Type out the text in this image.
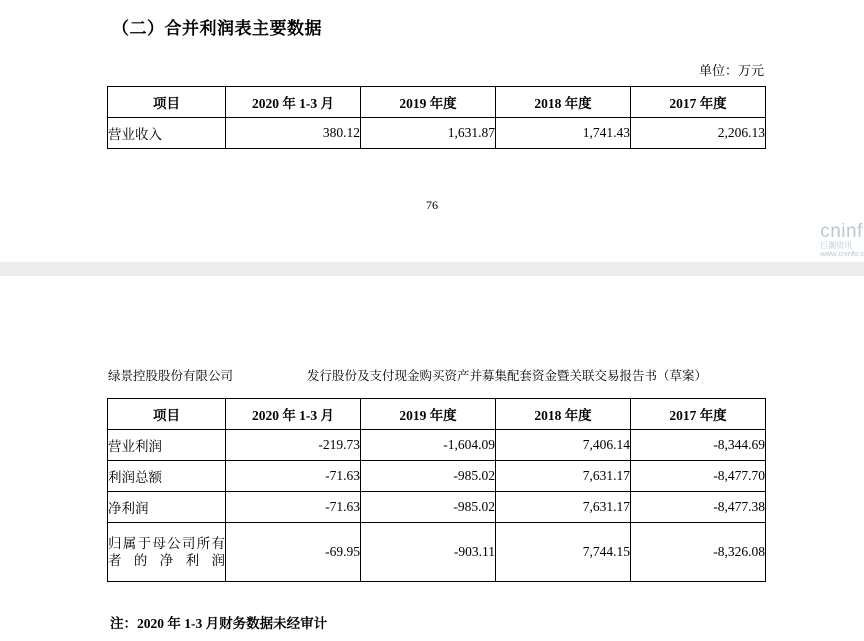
（二）合并利润表主要数据
单位：万元
项目	2020 年 1-3 月	2019 年度	2018 年度	2017 年度
营业收入	380.12	1,631.87	1,741.43	2,206.13
76
cninf
巨潮资讯
www.cninfo.c
绿景控股股份有限公司	发行股份及支付现金购买资产并募集配套资金暨关联交易报告书（草案）
项目	2020 年 1-3 月	2019 年度	2018 年度	2017 年度
营业利润	-219.73	-1,604.09	7,406.14	-8,344.69
利润总额	-71.63	-985.02	7,631.17	-8,477.70
净利润	-71.63	-985.02	7,631.17	-8,477.38
归属于母公司所有者的净利润	-69.95	-903.11	7,744.15	-8,326.08
注：2020 年 1-3 月财务数据未经审计
